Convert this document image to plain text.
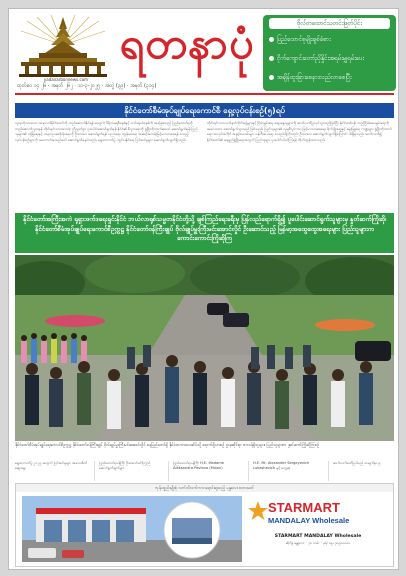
yadanarbonnews.com
ရတနာပုံ	ဗိုလ်တထောင်သတင်းဖြတ်ပိုင်း
ပြည်ထောင်စုမျိုးချစ်ခံစား
ငိုက်ကျောင်းတော်ညှိနှိုင်းအရမ်းမျှရမ်းပေး
အချိန်ထူးခြားစေနားလည်လာစေပြီး
ထုတ်ဝေ ၁၄ ၂၆ · အမှတ် ၂၆၂ · ၁၀-၃-၂၀၂၅ · အတွဲ (၃၉) · အမှတ် (၃၁၄)
နိုင်ငံတော်စီမံအုပ်ချုပ်ရေးကောင်စီ ရှေ့လုပ်ငန်းစဉ်(၅)ရပ်

လူထုလိုလားသော အနာဂတ်နိုင်ငံတော်ကို တည်ဆောက်နိုင်ရန် အတွက် ဒီမိုကရေစီစနစ်နှင့် ဖက်ဒရယ်စနစ်ကို အခြေခံသည့် ပြည်ထောင်စုကို တည်ဆောက်သွားရန်၊ တိုင်းရင်းသားအားလုံး ညီညွတ်စွာ ပူးပေါင်းဆောင်ရွက်ရန်၊ နိုင်ငံ၏ စီးပွားရေးကို ဖွံ့ဖြိုးတိုးတက်အောင် ဆောင်ရွက်ရန်၊ ပြည်သူများ၏ လုံခြုံရေးနှင့် တရားဥပဒေစိုးမိုးရေးကို ဦးစားပေး ဆောင်ရွက်ရန်၊ ပညာရေး၊ ကျန်းမာရေး အဆင့်အတန်းမြင့်မားလာစေရန် စသည့် လုပ်ငန်းစဉ်များကို အကောင်အထည်ဖော် ဆောင်ရွက်နေပါသည်။ ရွေးကောက်ပွဲ ကျင်းပနိုင်ရေး ပြင်ဆင်မှုများ ဆောင်ရွက်လျက်ရှိသည်။

တိုင်းရင်းသားလက်နက်ကိုင်အဖွဲ့များနှင့် ငြိမ်းချမ်းရေး ဆွေးနွေးမှုများကို ဆက်လက်ပြုလုပ်သွားမည်ဖြစ်ပြီး နိုင်ငံတစ်ဝန်း တည်ငြိမ်အေးချမ်းရေးကို အလေးထား ဆောင်ရွက်သွားမည် ဖြစ်သည်။ ပြည်သူများ၏ လူမှုစီးပွားဘဝ မြင့်မားလာစေရေး၊ စိုက်ပျိုးရေးနှင့် မွေးမြူရေး ကဏ္ဍများ ဖွံ့ဖြိုးတိုးတက်ရေး၊ အလုပ်အကိုင် အခွင့်အလမ်းများ ဖန်တီးပေးရေး စသည်တို့ကိုလည်း ဦးစားပေး ဆောင်ရွက်လျက်ရှိကြောင်း သိရှိရသည်။ ဆက်လက်၍ နိုင်ငံတော်၏ ရေရှည်ဖွံ့ဖြိုးရေးအတွက် ပြည်သူများ ပူးပေါင်းပါဝင်ကြရန် တိုက်တွန်းထားသည်။

နိုင်ငံတော်အကြီးအကဲ ရုရှားဖက်ဒရေးရှင်းနိုင်ငံ ဘယ်လာရုစ်သမ္မတနိုင်ငံတို့သို့ ချစ်ကြည်ရေးခရီးမှ ပြန်လည်ရောက်ရှိ၍ ပူပေါင်းဆောင်ရွက်သူများမှ နှုတ်ဆက်ကြိုဆို၊ နိုင်ငံတော်စီမံအုပ်ချုပ်ရေးကောင်စီဥက္ကဋ္ဌ နိုင်ငံတော်ဝန်ကြီးချုပ် ဗိုလ်ချုပ်မှူးကြီးမင်းအောင်လှိုင် ဦးဆောင်သည့် မြန်မာ့အထွေထွေအရေးများ ပြည်သူများက ကောင်းကောင်းကြိုဆိုကြ
နိုင်ငံတော်စီမံအုပ်ချုပ်ရေးကောင်စီဥက္ကဋ္ဌ နိုင်ငံတော်ဝန်ကြီးချုပ် ဗိုလ်ချုပ်မှူးကြီးမင်းအောင်လှိုင် နေပြည်တော်ရှိ နိုင်ငံတကာလေဆိပ်သို့ ရောက်ရှိလာစဉ် ဌာနဆိုင်ရာ တာဝန်ရှိသူများ၊ ပြည်သူများက နှုတ်ဆက်ကြိုဆိုကြစဉ်
ရွေးကောက်ပွဲ ၂၀၂၅ အတွက် ပြင်ဆင်မှုများ အသေးစိတ် ဆွေးနွေး
ပြည်ထောင်စုဝန်ကြီး ဦးအောင်မင်းကြည် ဆောင်ရွက်ချက်များ
ပြည်ထောင်စုဝန်ကြီး H.E. Madame Aleksandra Pavlova (Mixon)
H.E. Mr. Alexander Sergeyevich Lukashevich နှင့် တွေ့ဆုံ
ဆက်လက်ဖော်ပြပါမည် စာမျက်နှာ ၉
ကုန်ပစ္စည်းမျိုးစုံ လက်လီလက်ကား ရောင်းချသည့် မန္တလေး စတားမတ်
STARMART
MANDALAY Wholesale
STARMART MANDALAY Wholesale
ဆိုင်ခွဲ မန္တလေး · ၇၈ လမ်း · ဖုန်း ၀၉-၇၈၅၀၀၀၀၀
